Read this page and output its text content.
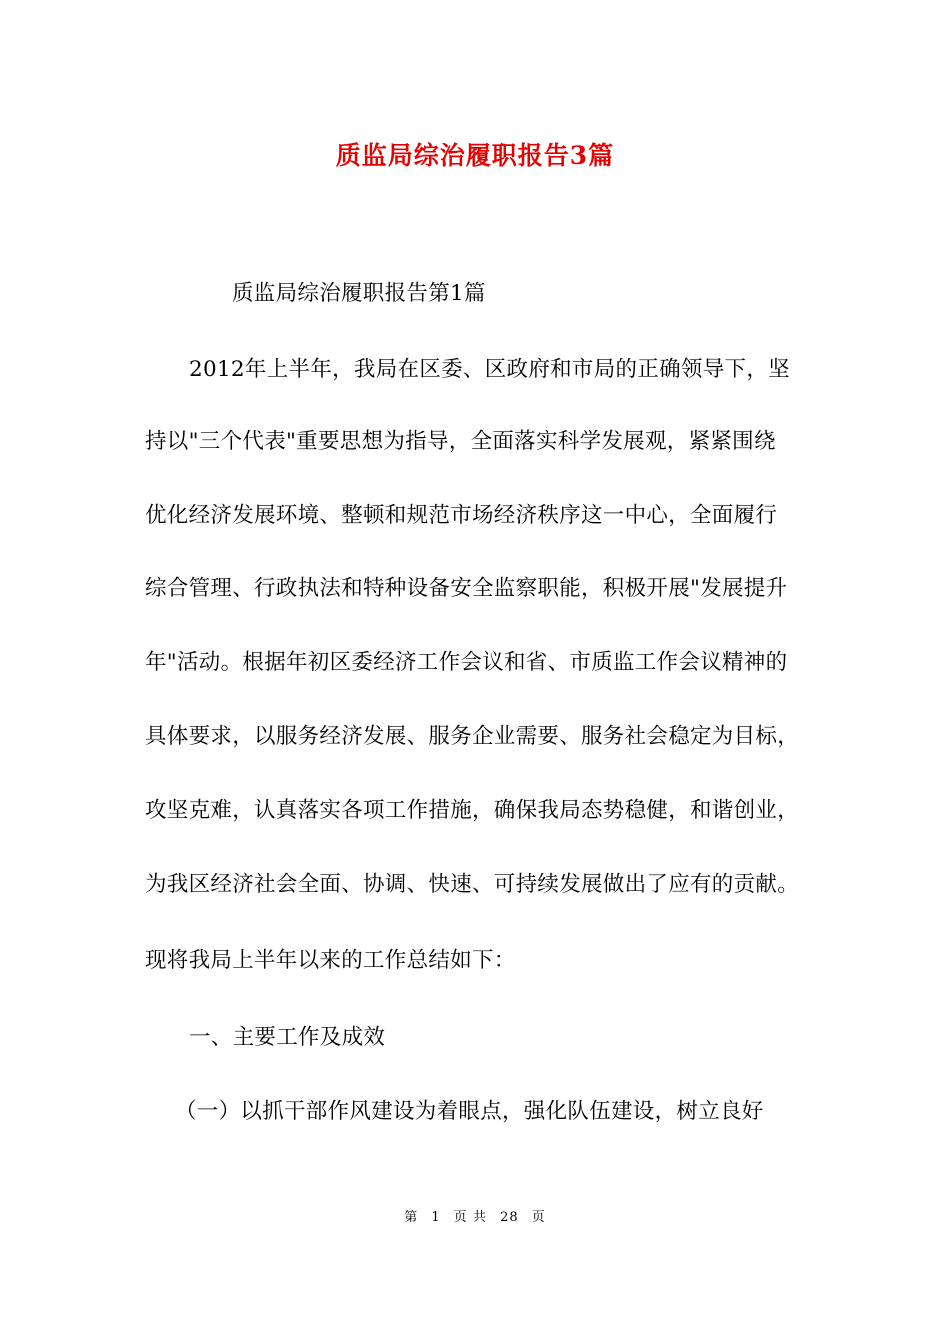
质监局综治履职报告3篇
质监局综治履职报告第1篇
2012年上半年，我局在区委、区政府和市局的正确领导下，坚
持以"三个代表"重要思想为指导，全面落实科学发展观，紧紧围绕
优化经济发展环境、整顿和规范市场经济秩序这一中心，全面履行
综合管理、行政执法和特种设备安全监察职能，积极开展"发展提升
年"活动。根据年初区委经济工作会议和省、市质监工作会议精神的
具体要求，以服务经济发展、服务企业需要、服务社会稳定为目标，
攻坚克难，认真落实各项工作措施，确保我局态势稳健，和谐创业，
为我区经济社会全面、协调、快速、可持续发展做出了应有的贡献。
现将我局上半年以来的工作总结如下：
一、主要工作及成效
（一）以抓干部作风建设为着眼点，强化队伍建设，树立良好
第 1 页 共 28 页
